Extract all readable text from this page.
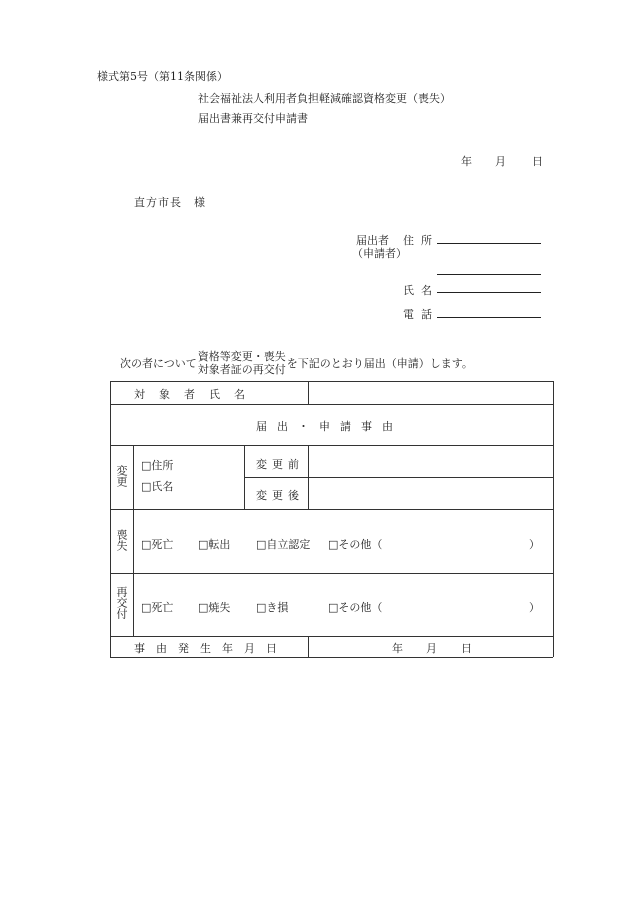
様式第5号（第11条関係）
社会福祉法人利用者負担軽減確認資格変更（喪失）
届出書兼再交付申請書
年 月 日
直方市長　様
届出者
（申請者）
住所
氏名
電話
次の者について
資格等変更・喪失
対象者証の再交付 を下記のとおり届出（申請）します。
対象者氏名
届出・申請事由
変更 □住所
□氏名
変更前
変更後
喪失 □死亡 □転出 □自立認定 □その他（	）
再交付 □死亡 □焼失 □き損	□その他（	）
事由発生年月日	年 月 日
